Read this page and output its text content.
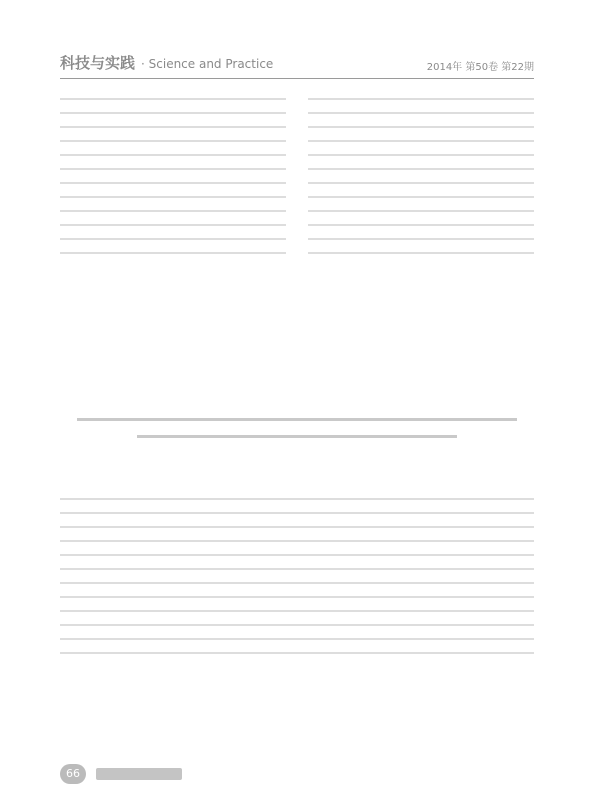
科技与实践 · Science and Practice	2014年 第50卷 第22期
66
